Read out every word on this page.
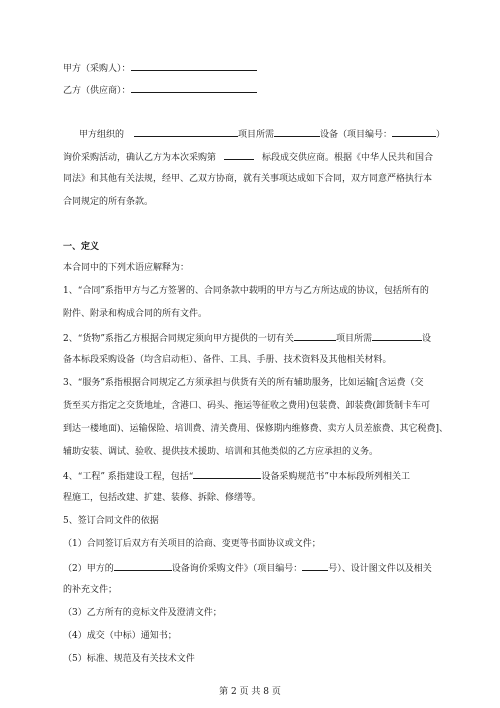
甲方（采购人）：
乙方（供应商）：
甲方组织的	项目所需	设备（项目编号：	）
询价采购活动，确认乙方为本次采购第	标段成交供应商。根据《中华人民共和国合
同法》和其他有关法规，经甲、乙双方协商，就有关事项达成如下合同，双方同意严格执行本
合同规定的所有条款。
一、定义
本合同中的下列术语应解释为：
1、“合同”系指甲方与乙方签署的、合同条款中载明的甲方与乙方所达成的协议，包括所有的
附件、附录和构成合同的所有文件。
2、“货物”系指乙方根据合同规定须向甲方提供的一切有关	项目所需	设
备本标段采购设备（均含启动柜）、备件、工具、手册、技术资料及其他相关材料。
3、“服务”系指根据合同规定乙方须承担与供货有关的所有辅助服务，比如运输[含运费（交
货至买方指定之交货地址，含港口、码头、拖运等征收之费用)包装费、卸装费(卸货制卡车可
到达一楼地面)、运输保险、培训费、清关费用、保修期内维修费、卖方人员差旅费、其它税费]、
辅助安装、调试、验收、提供技术援助、培训和其他类似的乙方应承担的义务。
4、“工程” 系指建设工程，包括“	设备采购规范书”中本标段所列相关工
程施工，包括改建、扩建、装修、拆除、修缮等。
5、签订合同文件的依据
（1）合同签订后双方有关项目的洽商、变更等书面协议或文件；
（2）甲方的	设备询价采购文件》（项目编号：	号）、设计图文件以及相关
的补充文件；
（3）乙方所有的竞标文件及澄清文件；
（4）成交（中标）通知书；
（5）标准、规范及有关技术文件
第 2 页 共 8 页
